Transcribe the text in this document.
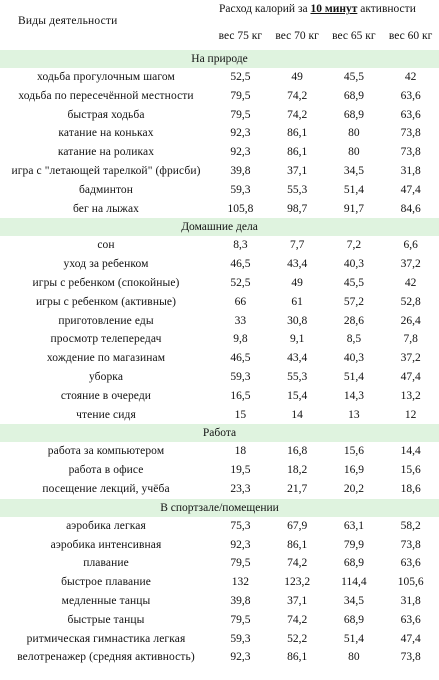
Виды деятельности
Расход калорий за 10 минут активности
вес 75 кг	вес 70 кг	вес 65 кг	вес 60 кг
На природе
ходьба прогулочным шагом	52,5	49	45,5	42
ходьба по пересечённой местности	79,5	74,2	68,9	63,6
быстрая ходьба	79,5	74,2	68,9	63,6
катание на коньках	92,3	86,1	80	73,8
катание на роликах	92,3	86,1	80	73,8
игра с "летающей тарелкой" (фрисби)	39,8	37,1	34,5	31,8
бадминтон	59,3	55,3	51,4	47,4
бег на лыжах	105,8	98,7	91,7	84,6
Домашние дела
сон	8,3	7,7	7,2	6,6
уход за ребенком	46,5	43,4	40,3	37,2
игры с ребенком (спокойные)	52,5	49	45,5	42
игры с ребенком (активные)	66	61	57,2	52,8
приготовление еды	33	30,8	28,6	26,4
просмотр телепередач	9,8	9,1	8,5	7,8
хождение по магазинам	46,5	43,4	40,3	37,2
уборка	59,3	55,3	51,4	47,4
стояние в очереди	16,5	15,4	14,3	13,2
чтение сидя	15	14	13	12
Работа
работа за компьютером	18	16,8	15,6	14,4
работа в офисе	19,5	18,2	16,9	15,6
посещение лекций, учёба	23,3	21,7	20,2	18,6
В спортзале/помещении
аэробика легкая	75,3	67,9	63,1	58,2
аэробика интенсивная	92,3	86,1	79,9	73,8
плавание	79,5	74,2	68,9	63,6
быстрое плавание	132	123,2	114,4	105,6
медленные танцы	39,8	37,1	34,5	31,8
быстрые танцы	79,5	74,2	68,9	63,6
ритмическая гимнастика легкая	59,3	52,2	51,4	47,4
велотренажер (средняя активность)	92,3	86,1	80	73,8
